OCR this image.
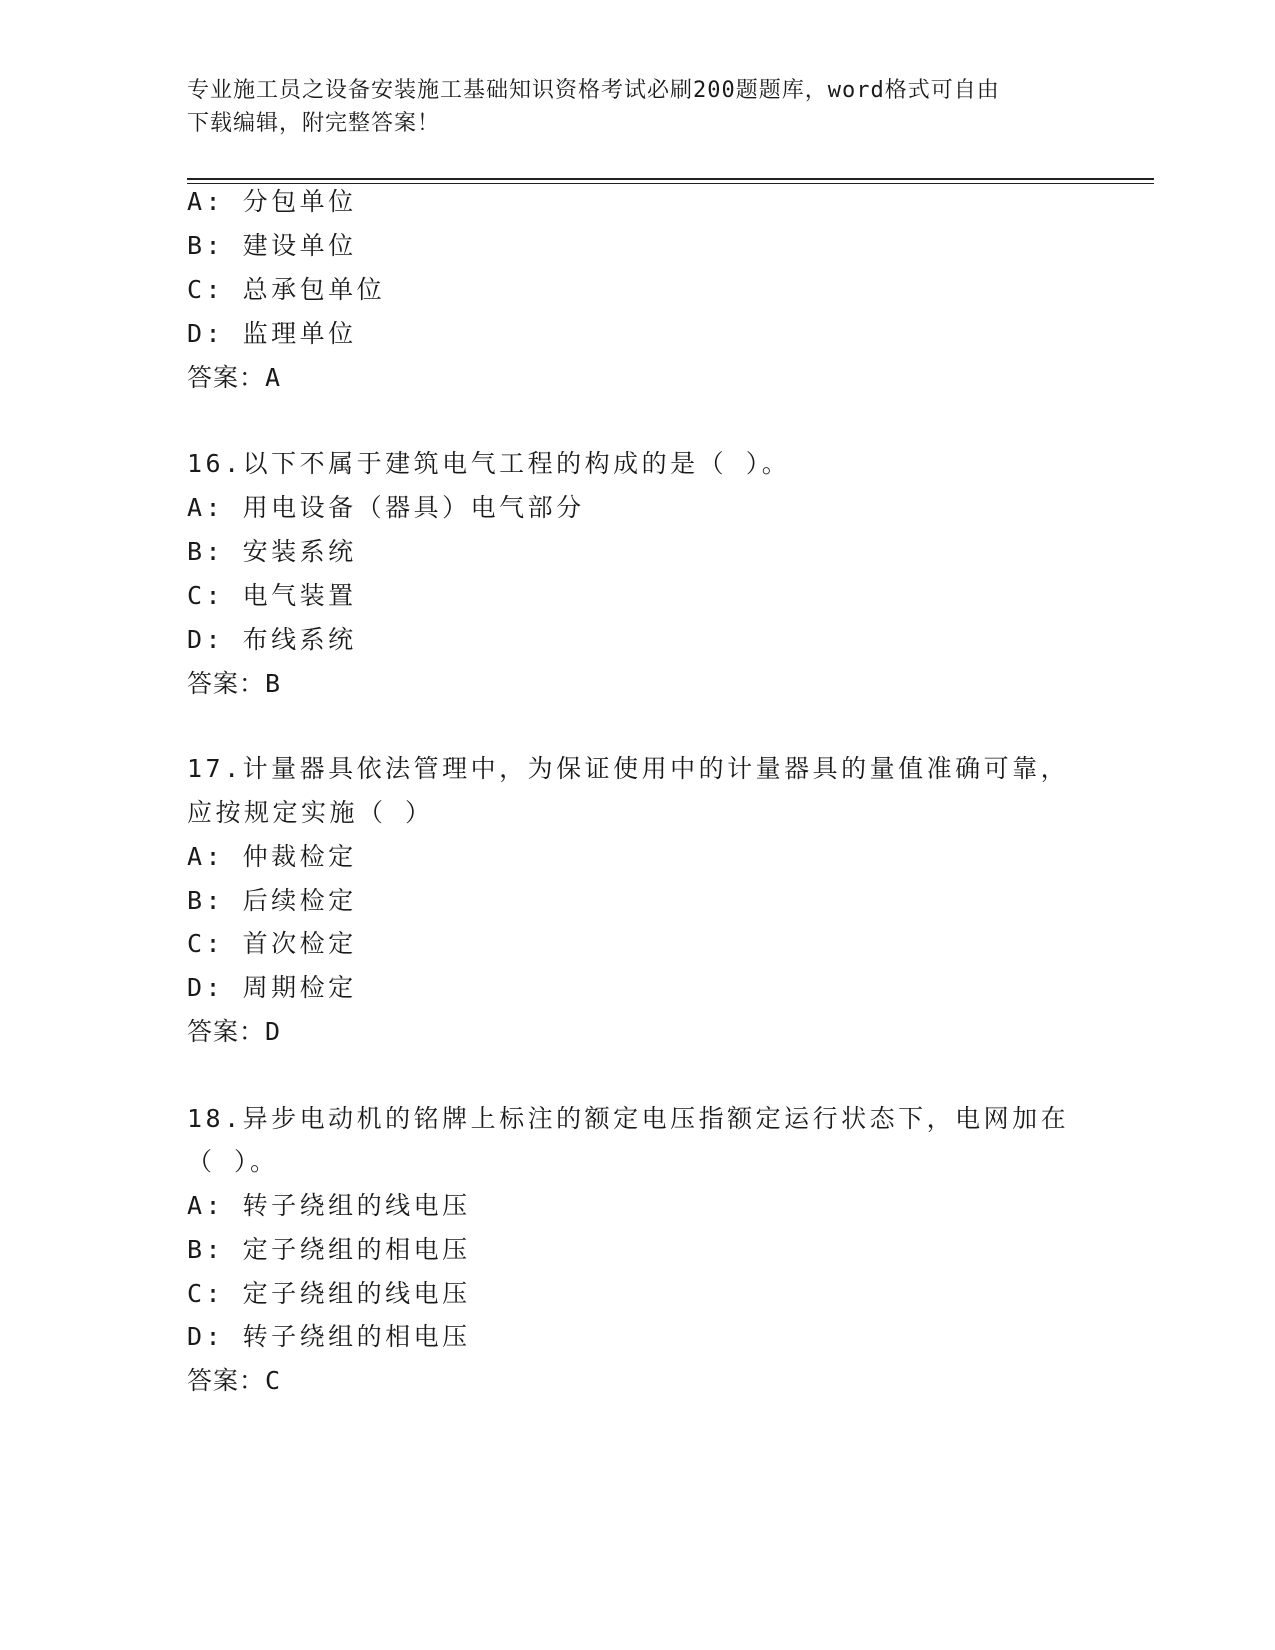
专业施工员之设备安装施工基础知识资格考试必刷200题题库，word格式可自由
下载编辑，附完整答案！

A: 分包单位

B: 建设单位

C: 总承包单位

D: 监理单位

答案：A

16.以下不属于建筑电气工程的构成的是（ ）。

A: 用电设备（器具）电气部分

B: 安装系统

C: 电气装置

D: 布线系统

答案：B

17.计量器具依法管理中，为保证使用中的计量器具的量值准确可靠，

应按规定实施（ ）

A: 仲裁检定

B: 后续检定

C: 首次检定

D: 周期检定

答案：D

18.异步电动机的铭牌上标注的额定电压指额定运行状态下，电网加在

（ ）。

A: 转子绕组的线电压

B: 定子绕组的相电压

C: 定子绕组的线电压

D: 转子绕组的相电压

答案：C
